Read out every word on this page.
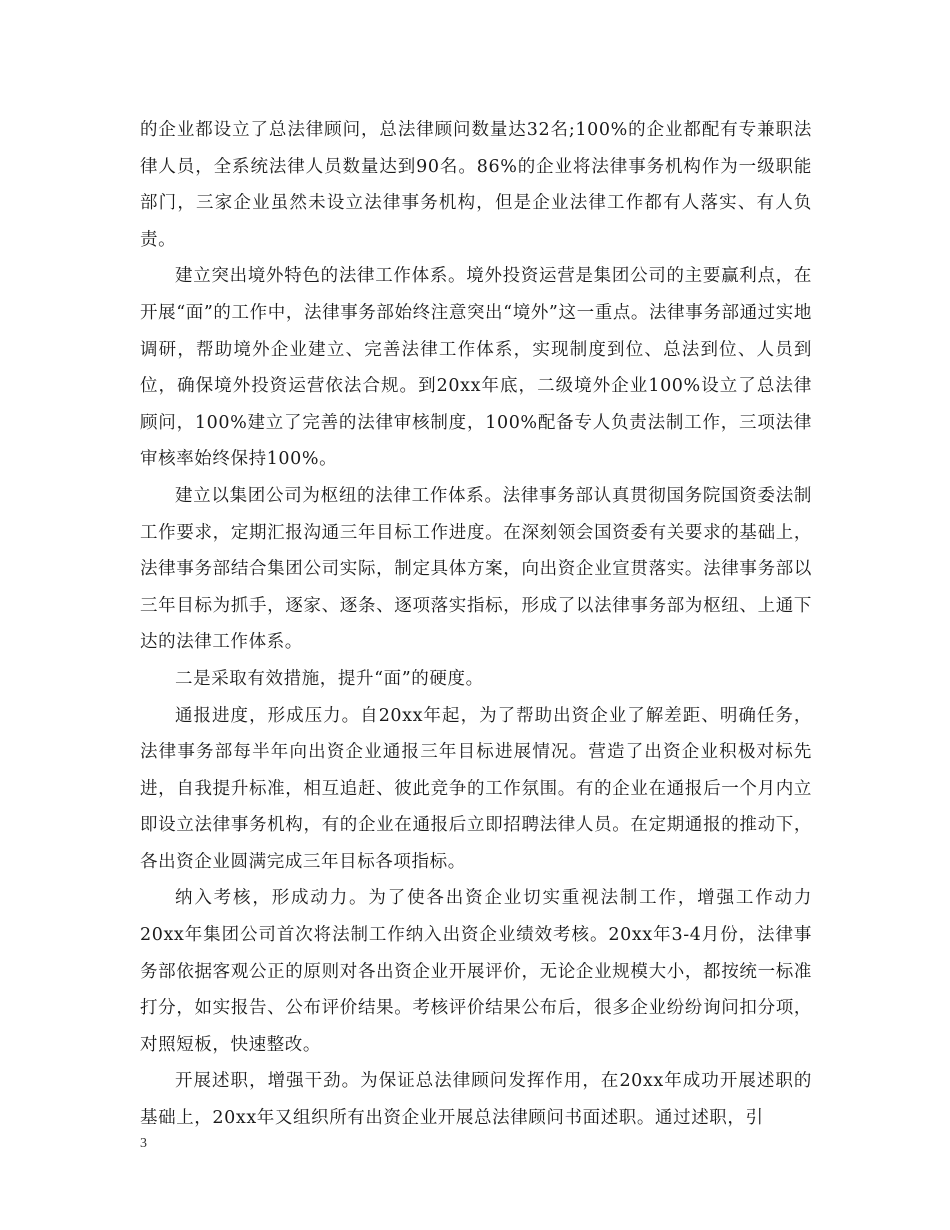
的企业都设立了总法律顾问，总法律顾问数量达32名;100%的企业都配有专兼职法律人员，全系统法律人员数量达到90名。86%的企业将法律事务机构作为一级职能部门，三家企业虽然未设立法律事务机构，但是企业法律工作都有人落实、有人负责。

建立突出境外特色的法律工作体系。境外投资运营是集团公司的主要赢利点，在开展“面”的工作中，法律事务部始终注意突出“境外”这一重点。法律事务部通过实地调研，帮助境外企业建立、完善法律工作体系，实现制度到位、总法到位、人员到位，确保境外投资运营依法合规。到20xx年底，二级境外企业100%设立了总法律顾问，100%建立了完善的法律审核制度，100%配备专人负责法制工作，三项法律审核率始终保持100%。

建立以集团公司为枢纽的法律工作体系。法律事务部认真贯彻国务院国资委法制工作要求，定期汇报沟通三年目标工作进度。在深刻领会国资委有关要求的基础上，法律事务部结合集团公司实际，制定具体方案，向出资企业宣贯落实。法律事务部以三年目标为抓手，逐家、逐条、逐项落实指标，形成了以法律事务部为枢纽、上通下达的法律工作体系。

二是采取有效措施，提升“面”的硬度。

通报进度，形成压力。自20xx年起，为了帮助出资企业了解差距、明确任务，法律事务部每半年向出资企业通报三年目标进展情况。营造了出资企业积极对标先进，自我提升标准，相互追赶、彼此竞争的工作氛围。有的企业在通报后一个月内立即设立法律事务机构，有的企业在通报后立即招聘法律人员。在定期通报的推动下，各出资企业圆满完成三年目标各项指标。

纳入考核，形成动力。为了使各出资企业切实重视法制工作，增强工作动力20xx年集团公司首次将法制工作纳入出资企业绩效考核。20xx年3-4月份，法律事务部依据客观公正的原则对各出资企业开展评价，无论企业规模大小，都按统一标准打分，如实报告、公布评价结果。考核评价结果公布后，很多企业纷纷询问扣分项，对照短板，快速整改。

开展述职，增强干劲。为保证总法律顾问发挥作用，在20xx年成功开展述职的基础上，20xx年又组织所有出资企业开展总法律顾问书面述职。通过述职，引

3
